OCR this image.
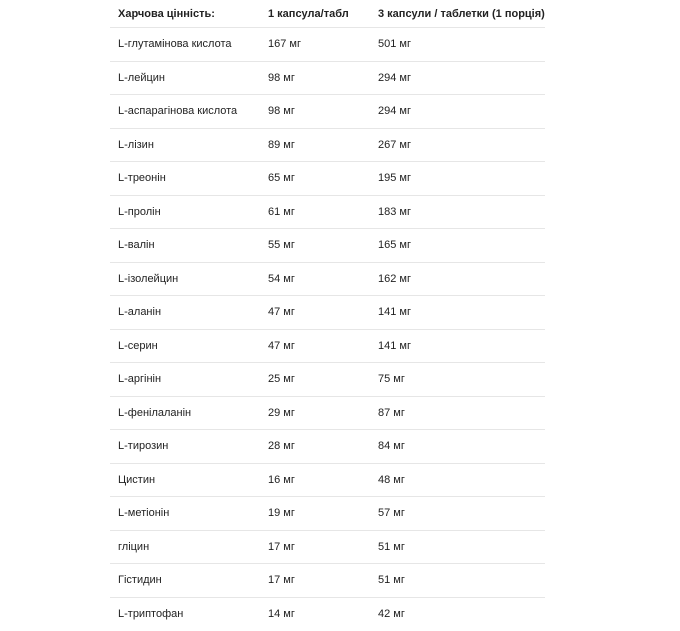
Харчова цінність:	1 капсула/табл	3 капсули / таблетки (1 порція)
L-глутамінова кислота	167 мг	501 мг
L-лейцин	98 мг	294 мг
L-аспарагінова кислота	98 мг	294 мг
L-лізин	89 мг	267 мг
L-треонін	65 мг	195 мг
L-пролін	61 мг	183 мг
L-валін	55 мг	165 мг
L-ізолейцин	54 мг	162 мг
L-аланін	47 мг	141 мг
L-серин	47 мг	141 мг
L-аргінін	25 мг	75 мг
L-фенілаланін	29 мг	87 мг
L-тирозин	28 мг	84 мг
Цистин	16 мг	48 мг
L-метіонін	19 мг	57 мг
гліцин	17 мг	51 мг
Гістидин	17 мг	51 мг
L-триптофан	14 мг	42 мг
